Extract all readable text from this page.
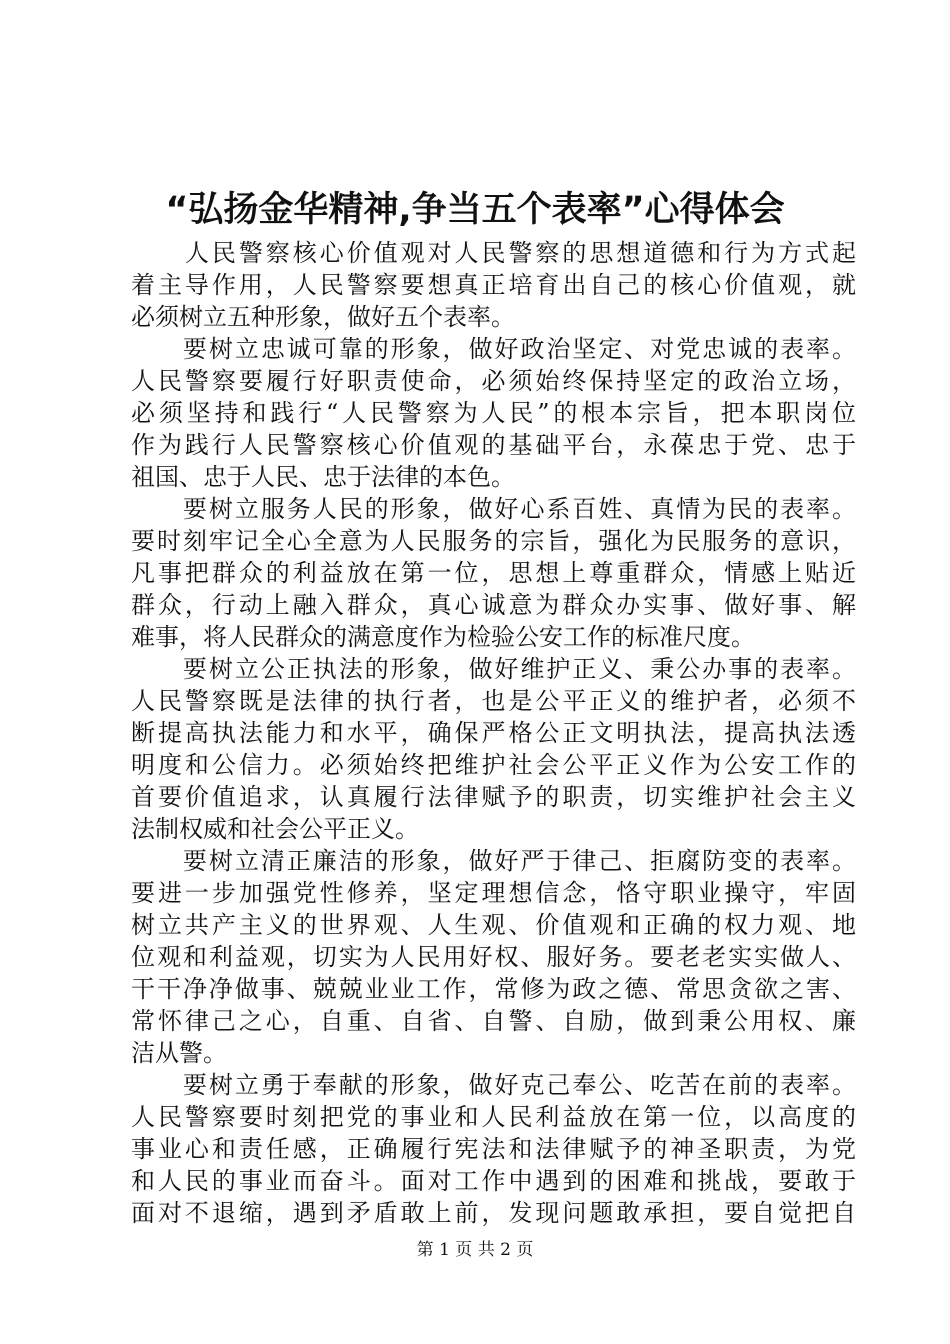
“弘扬金华精神,争当五个表率”心得体会
　　人民警察核心价值观对人民警察的思想道德和行为方式起
着主导作用，人民警察要想真正培育出自己的核心价值观，就
必须树立五种形象，做好五个表率。
　　要树立忠诚可靠的形象，做好政治坚定、对党忠诚的表率。
人民警察要履行好职责使命，必须始终保持坚定的政治立场，
必须坚持和践行“人民警察为人民”的根本宗旨，把本职岗位
作为践行人民警察核心价值观的基础平台，永葆忠于党、忠于
祖国、忠于人民、忠于法律的本色。
　　要树立服务人民的形象，做好心系百姓、真情为民的表率。
要时刻牢记全心全意为人民服务的宗旨，强化为民服务的意识，
凡事把群众的利益放在第一位，思想上尊重群众，情感上贴近
群众，行动上融入群众，真心诚意为群众办实事、做好事、解
难事，将人民群众的满意度作为检验公安工作的标准尺度。
　　要树立公正执法的形象，做好维护正义、秉公办事的表率。
人民警察既是法律的执行者，也是公平正义的维护者，必须不
断提高执法能力和水平，确保严格公正文明执法，提高执法透
明度和公信力。必须始终把维护社会公平正义作为公安工作的
首要价值追求，认真履行法律赋予的职责，切实维护社会主义
法制权威和社会公平正义。
　　要树立清正廉洁的形象，做好严于律己、拒腐防变的表率。
要进一步加强党性修养，坚定理想信念，恪守职业操守，牢固
树立共产主义的世界观、人生观、价值观和正确的权力观、地
位观和利益观，切实为人民用好权、服好务。要老老实实做人、
干干净净做事、兢兢业业工作，常修为政之德、常思贪欲之害、
常怀律己之心，自重、自省、自警、自励，做到秉公用权、廉
洁从警。
　　要树立勇于奉献的形象，做好克己奉公、吃苦在前的表率。
人民警察要时刻把党的事业和人民利益放在第一位，以高度的
事业心和责任感，正确履行宪法和法律赋予的神圣职责，为党
和人民的事业而奋斗。面对工作中遇到的困难和挑战，要敢于
面对不退缩，遇到矛盾敢上前，发现问题敢承担，要自觉把自
第 1 页 共 2 页
